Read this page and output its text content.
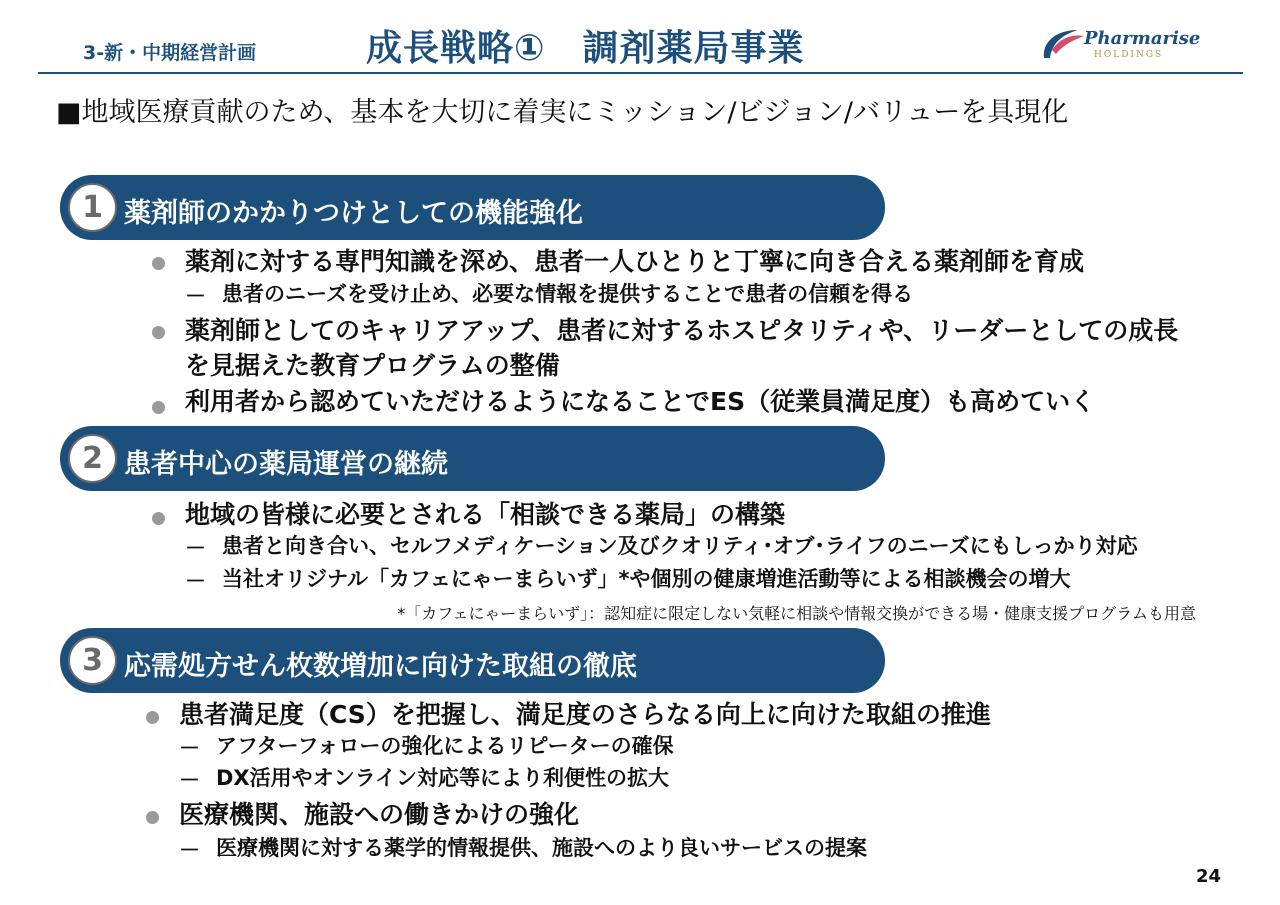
3-新・中期経営計画	成長戦略①　調剤薬局事業	Pharmarise
HOLDINGS
■地域医療貢献のため、基本を大切に着実にミッション/ビジョン/バリューを具現化
1 薬剤師のかかりつけとしての機能強化
薬剤に対する専門知識を深め、患者一人ひとりと丁寧に向き合える薬剤師を育成
－ 患者のニーズを受け止め、必要な情報を提供することで患者の信頼を得る
薬剤師としてのキャリアアップ、患者に対するホスピタリティや、リーダーとしての成長
を見据えた教育プログラムの整備
利用者から認めていただけるようになることでES（従業員満足度）も高めていく
2 患者中心の薬局運営の継続
地域の皆様に必要とされる「相談できる薬局」の構築
－ 患者と向き合い、セルフメディケーション及びクオリティ･オブ･ライフのニーズにもしっかり対応
－ 当社オリジナル「カフェにゃーまらいず」*や個別の健康増進活動等による相談機会の増大
*「カフェにゃーまらいず」：認知症に限定しない気軽に相談や情報交換ができる場・健康支援プログラムも用意
3 応需処方せん枚数増加に向けた取組の徹底
患者満足度（CS）を把握し、満足度のさらなる向上に向けた取組の推進
－ アフターフォローの強化によるリピーターの確保
－ DX活用やオンライン対応等により利便性の拡大
医療機関、施設への働きかけの強化
－ 医療機関に対する薬学的情報提供、施設へのより良いサービスの提案
24
